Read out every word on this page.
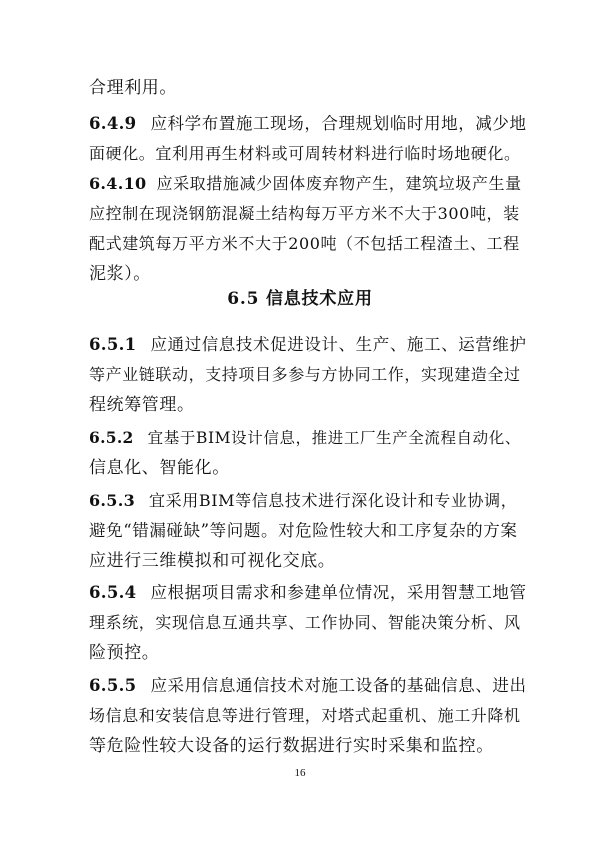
合理利用。
6.4.9 应科学布置施工现场，合理规划临时用地，减少地
面硬化。宜利用再生材料或可周转材料进行临时场地硬化。
6.4.10 应采取措施减少固体废弃物产生，建筑垃圾产生量
应控制在现浇钢筋混凝土结构每万平方米不大于300吨，装
配式建筑每万平方米不大于200吨（不包括工程渣土、工程
泥浆）。
6.5 信息技术应用
6.5.1 应通过信息技术促进设计、生产、施工、运营维护
等产业链联动，支持项目多参与方协同工作，实现建造全过
程统筹管理。
6.5.2 宜基于BIM设计信息，推进工厂生产全流程自动化、
信息化、智能化。
6.5.3 宜采用BIM等信息技术进行深化设计和专业协调，
避免“错漏碰缺”等问题。对危险性较大和工序复杂的方案
应进行三维模拟和可视化交底。
6.5.4 应根据项目需求和参建单位情况，采用智慧工地管
理系统，实现信息互通共享、工作协同、智能决策分析、风
险预控。
6.5.5 应采用信息通信技术对施工设备的基础信息、进出
场信息和安装信息等进行管理，对塔式起重机、施工升降机
等危险性较大设备的运行数据进行实时采集和监控。
16
